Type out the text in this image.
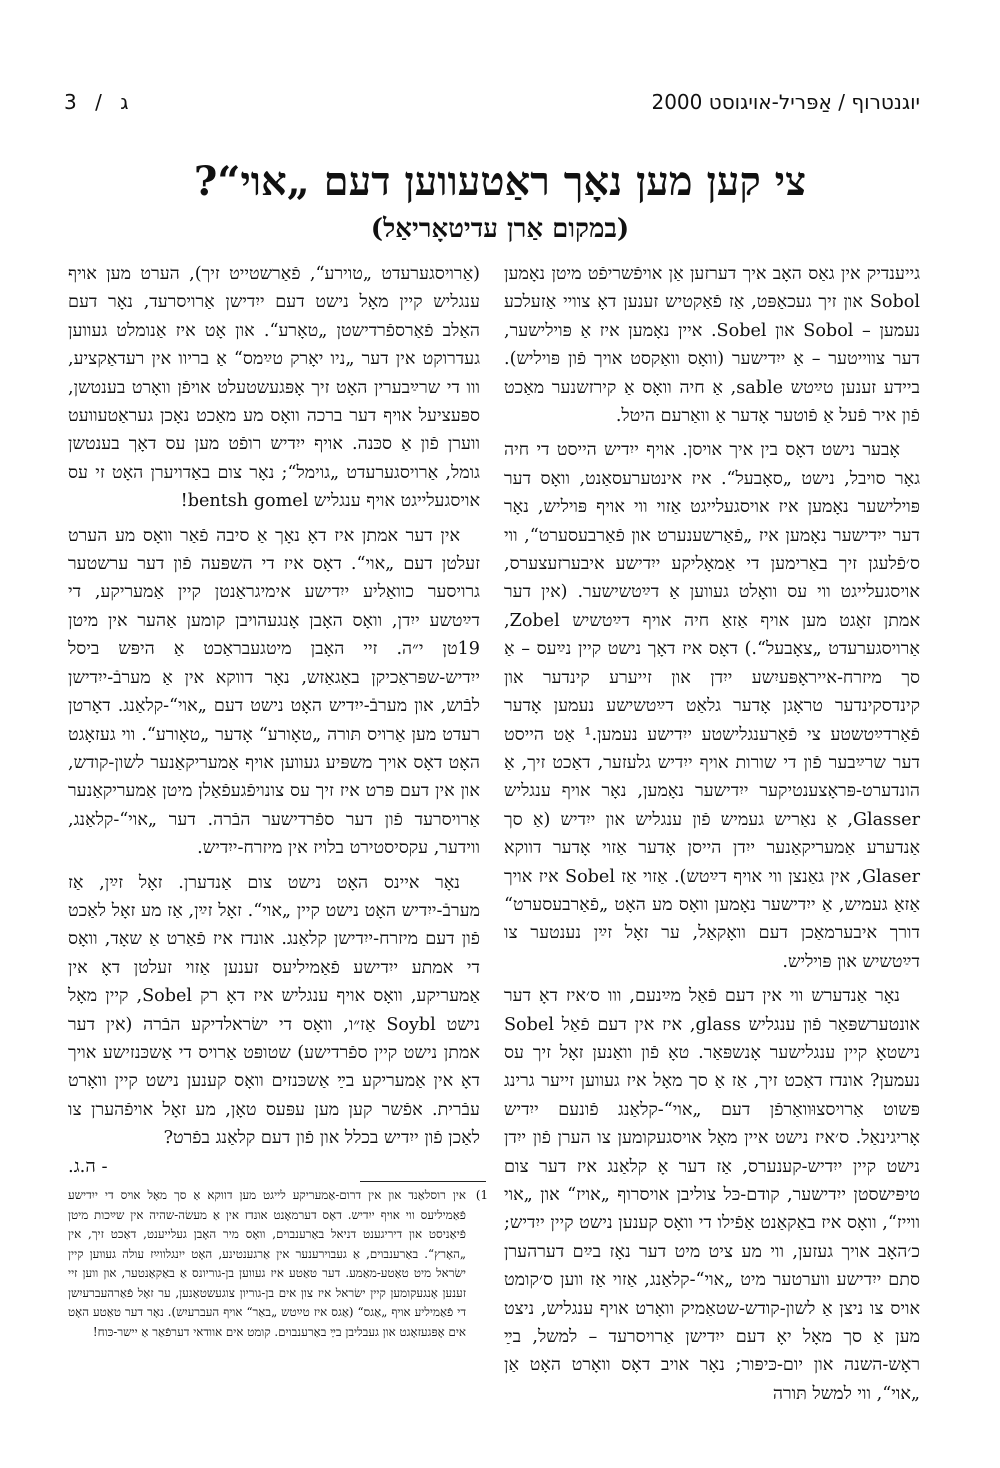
יוגנטרוף / אַפּריל-אויגוסט 2000
ג / 3
צי קען מען נאָך ראַטעווען דעם „אוי“?
(במקום אַרן עדיטאָריאַל)

גייענדיק אין גאַס האָב איך דערזען אַן אויפֿשריפֿט מיטן נאָמען Sobol און זיך געכאַפּט, אַז פֿאַקטיש זענען דאָ צוויי אַזעלכע נעמען – Sobol און Sobel. איין נאָמען איז אַ פּוילישער, דער צווייטער – אַ ייִדישער (וואָס וואַקסט אויך פֿון פּויליש). ביידע זענען טײַטש sable, אַ חיה וואָס אַ קירזשנער מאַכט פֿון איר פֿעל אַ פֿוטער אָדער אַ וואַרעם היטל.

אָבער נישט דאָס בין איך אויסן. אויף ייִדיש הייסט די חיה גאָר סויבל, נישט „סאָבעל“. איז אינטערעסאַנט, וואָס דער פּוילישער נאָמען איז אויסגעלייגט אַזוי ווי אויף פּויליש, נאָר דער ייִדישער נאָמען איז „פֿאַרשענערט און פֿאַרבעסערט“, ווי ס׳פֿלעגן זיך באַרימען די אַמאָליקע ייִדישע איבערזעצערס, אויסגעלייגט ווי עס וואָלט געווען אַ דײַטשישער. (אין דער אמתן זאָגט מען אויף אַזאַ חיה אויף דײַטשיש Zobel, אַרויסגערעדט „צאָבעל“.) דאָס איז דאָך נישט קיין נײַעס – אַ סך מיזרח-אייראָפּעיִשע ייִדן און זייערע קינדער און קינדסקינדער טראָגן אָדער גלאַט דײַטשישע נעמען אָדער פֿאַרדײַטשטע צי פֿאַרענגלישטע ייִדישע נעמען.¹ אַט הייסט דער שרײַבער פֿון די שורות אויף ייִדיש גלעזער, דאַכט זיך, אַ הונדערט-פּראָצענטיקער ייִדישער נאָמען, נאָר אויף ענגליש Glasser, אַ נאַריש געמיש פֿון ענגליש און ייִדיש (אַ סך אַנדערע אַמעריקאַנער ייִדן הייסן אָדער אַזוי אָדער דווקא Glaser, אין גאַנצן ווי אויף דײַטש). אַזוי אַז Sobel איז אויך אַזאַ געמיש, אַ ייִדישער נאָמען וואָס מע האָט „פֿאַרבעסערט“ דורך איבערמאַכן דעם וואָקאַל, ער זאָל זײַן נענטער צו דײַטשיש און פּויליש.

נאָר אַנדערש ווי אין דעם פֿאַל מײַנעם, ווו ס׳איז דאָ דער אונטערשפּאַר פֿון ענגליש glass, איז אין דעם פֿאַל Sobel נישטאָ קיין ענגלישער אָנשפּאַר. טאָ פֿון וואַנען זאָל זיך עס נעמען? אונדז דאַכט זיך, אַז אַ סך מאָל איז געווען זייער גרינג פּשוט אַרויסצוּוואַרפֿן דעם „אוי“-קלאַנג פֿונעם ייִדיש אָריגינאַל. ס׳איז נישט איין מאָל אויסגעקומען צו הערן פֿון ייִדן נישט קיין ייִדיש-קענערס, אַז דער אָ קלאַנג איז דער צום טיפּישסטן ייִדישער, קודם-כּל צוליבן אויסרוף „אויז“ און „אוי ווייז“, וואָס איז באַקאַנט אַפֿילו די וואָס קענען נישט קיין ייִדיש; כ׳האָב אויך געזען, ווי מע ציט מיט דער נאָז בײַם דערהערן סתם ייִדישע ווערטער מיט „אוי“-קלאַנג, אַזוי אַז ווען ס׳קומט אויס צו ניצן אַ לשון-קודש-שטאַמיק וואָרט אויף ענגליש, ניצט מען אַ סך מאָל יאָ דעם ייִדישן אַרויסרעד – למשל, בײַ ראָש-השנה און יום-כּיפּור; נאָר אויב דאָס וואָרט האָט אַן „אוי“, ווי למשל תּורה

(אַרויסגערעדט „טוירע“, פֿאַרשטייט זיך), הערט מען אויף ענגליש קיין מאָל נישט דעם ייִדישן אַרויסרעד, נאָר דעם האַלב פֿאַרספֿרדישטן „טאָרע“. און אָט איז אַנומלט געווען געדרוקט אין דער „ניו יאָרק טײַמס“ אַ בריוו אין רעדאַקציע, ווו די שרײַבערין האָט זיך אָפּגעשטעלט אויפֿן וואָרט בענטשן, ספּעציעל אויף דער ברכה וואָס מע מאַכט נאָכן געראַטעוועט ווערן פֿון אַ סכּנה. אויף ייִדיש רופֿט מען עס דאָך בענטשן גומל, אַרויסגערעדט „גוימל“; נאָר צום באַדויערן האָט זי עס אויסגעלייגט אויף ענגליש bentsh gomel!

אין דער אמתן איז דאָ נאָך אַ סיבה פֿאַר וואָס מע הערט זעלטן דעם „אוי“. דאָס איז די השפּעה פֿון דער ערשטער גרויסער כוואַליע ייִדישע אימיגראַנטן קיין אַמעריקע, די דײַטשע ייִדן, וואָס האָבן אָנגעהויבן קומען אַהער אין מיטן 19טן י״ה. זיי האָבן מיטגעבראַכט אַ היפּש ביסל ייִדיש-שפּראַכיקן באַגאַזש, נאָר דווקא אין אַ מערבֿ-ייִדישן לבֿוש, און מערבֿ-ייִדיש האָט נישט דעם „אוי“-קלאַנג. דאָרטן רעדט מען אַרויס תּורה „טאָורע“ אָדער „טאָורע“. ווי געזאָגט האָט דאָס אויך משפּיע געווען אויף אַמעריקאַנער לשון-קודש, און אין דעם פּרט איז זיך עס צונויפֿגעפֿאַלן מיטן אַמעריקאַנער אַרויסרעד פֿון דער ספֿרדישער הבֿרה. דער „אוי“-קלאַנג, ווידער, עקסיסטירט בלויז אין מיזרח-ייִדיש.

נאָר איינס האָט נישט צום אַנדערן. זאָל זײַן, אַז מערבֿ-ייִדיש האָט נישט קיין „אוי“. זאָל זײַן, אַז מע זאָל לאַכט פֿון דעם מיזרח-ייִדישן קלאַנג. אונדז איז פֿאַרט אַ שאָד, וואָס די אמתע ייִדישע פֿאַמיליעס זענען אַזוי זעלטן דאָ אין אַמעריקע, וואָס אויף ענגליש איז דאָ רק Sobel, קיין מאָל נישט Soybl אַז״ו, וואָס די ישׂראלדיקע הבֿרה (אין דער אמתן נישט קיין ספֿרדישע) שטופּט אַרויס די אַשכּנזישע אויך דאָ אין אַמעריקע בײַ אַשכּנזים וואָס קענען נישט קיין וואָרט עבֿרית. אפֿשר קען מען עפּעס טאָן, מע זאָל אויפֿהערן צו לאַכן פֿון ייִדיש בכלל און פֿון דעם קלאַנג בפֿרט?

- ה.ג.
1)
אין רוסלאַנד און אין דרום-אַמעריקע לייגט מען דווקא אַ סך מאָל אויס די ייִדישע פֿאַמיליעס ווי אויף ייִדיש. דאָס דערמאָנט אונדז אין אַ מעשׂה-שהיה אין שײַכות מיטן פֿיאַניסט און דיריגענט דניאל באַרענבוים, וואָס מיר האָבן געלייענט, דאַכט זיך, אין „האָרץ“. באַרענבוים, אַ געבוירענער אין אַרגענטינע, האָט ייִנגלווײַז עולה געווען קיין ישׂראל מיט טאַטע-מאַמע. דער טאַטע איז געווען בן-גוריונס אַ באַקאַנטער, און ווען זיי זענען אָנגעקומען קיין ישׂראל איז צון אים בן-גוריון צוגעשטאַנען, ער זאָל פֿאַרהעברעיִשן די פֿאַמיליע אויף „אַגס“ (אַגס איז טײַטש „באַר“ אויף העברעיִש). נאָר דער טאַטע האָט אים אָפּגעזאָגט און געבליבן בײַ באַרענבוים. קומט אים אוודאי דערפֿאַר אַ יישר-כּוח!
